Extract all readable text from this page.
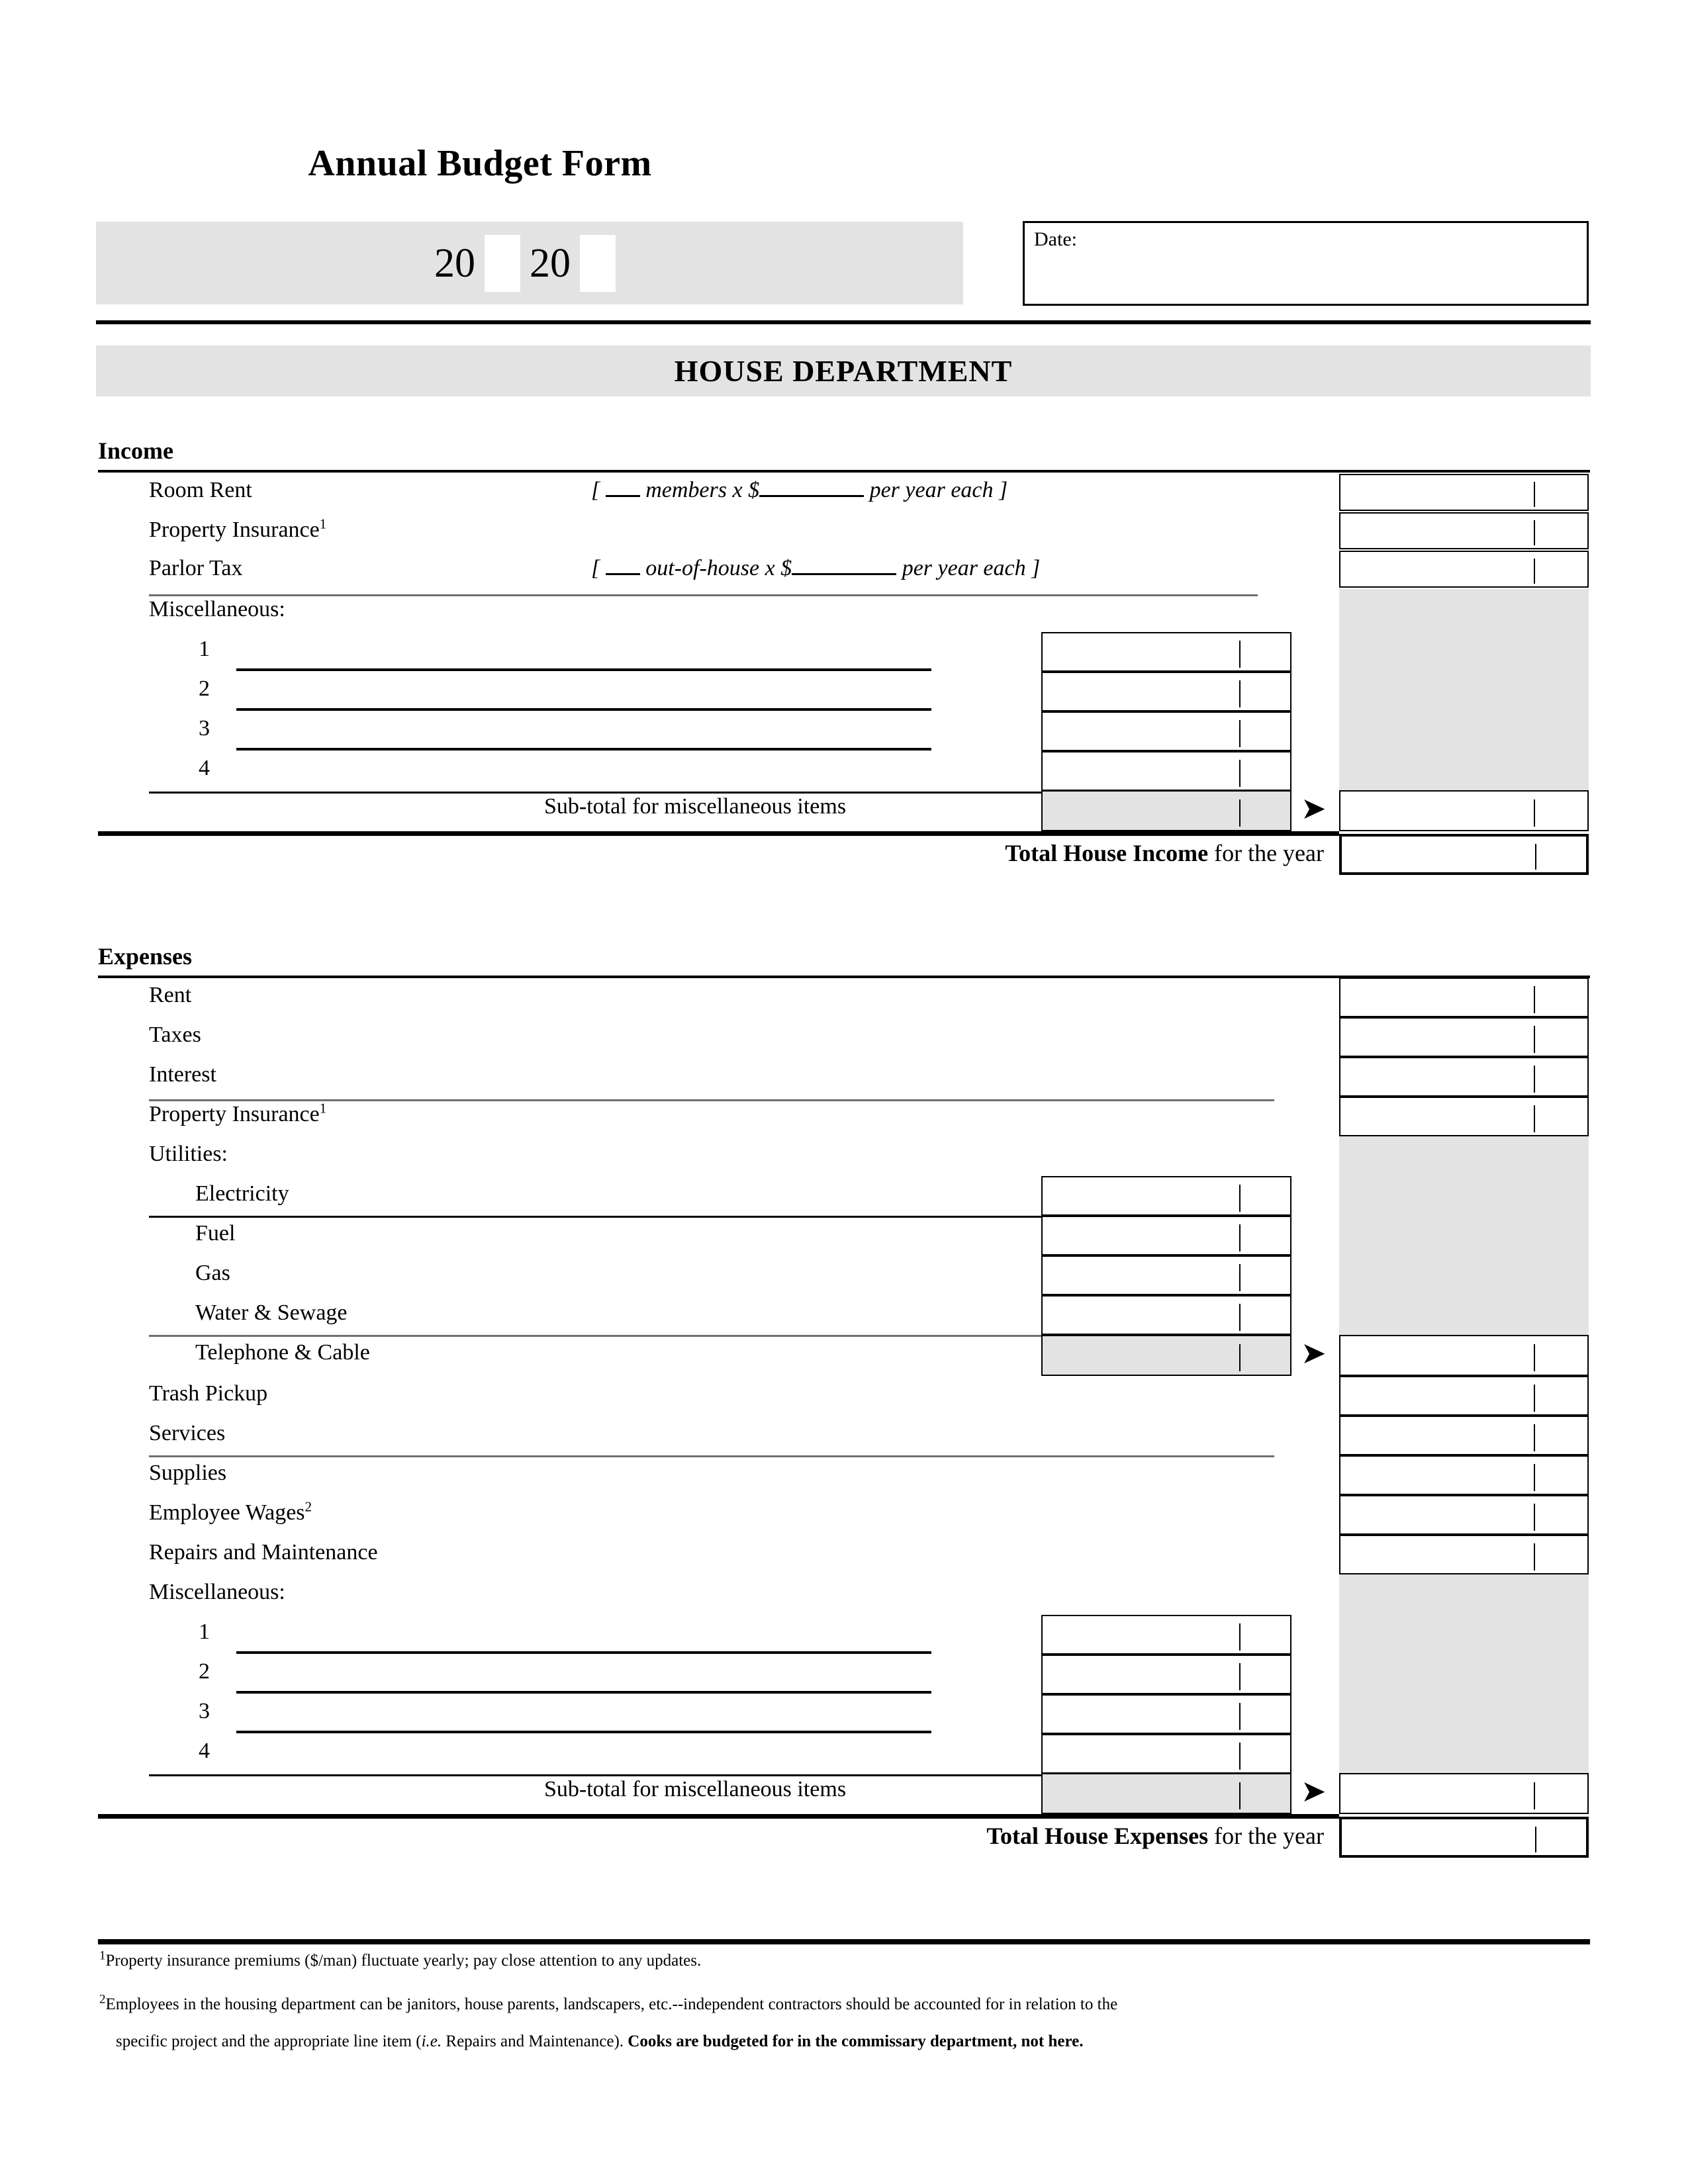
Annual Budget Form
20 20
Date:
HOUSE DEPARTMENT
Income
Room Rent	[  members x $	per year each ]
Property Insurance$^1$
Parlor Tax	[  out-of-house x $	per year each ]
Miscellaneous:
1
2
3
4
Sub-total for miscellaneous items	➤
Total House Income for the year
Expenses
Rent
Taxes
Interest
Property Insurance$^1$
Utilities:
Electricity
Fuel
Gas
Water & Sewage
Telephone & Cable	➤
Trash Pickup
Services
Supplies
Employee Wages$^2$
Repairs and Maintenance
Miscellaneous:
1
2
3
4
Sub-total for miscellaneous items	➤
Total House Expenses for the year
$^1$Property insurance premiums ($/man) fluctuate yearly; pay close attention to any updates.
$^2$Employees in the housing department can be janitors, house parents, landscapers, etc.--independent contractors should be accounted for in relation to the
specific project and the appropriate line item (i.e. Repairs and Maintenance). Cooks are budgeted for in the commissary department, not here.
